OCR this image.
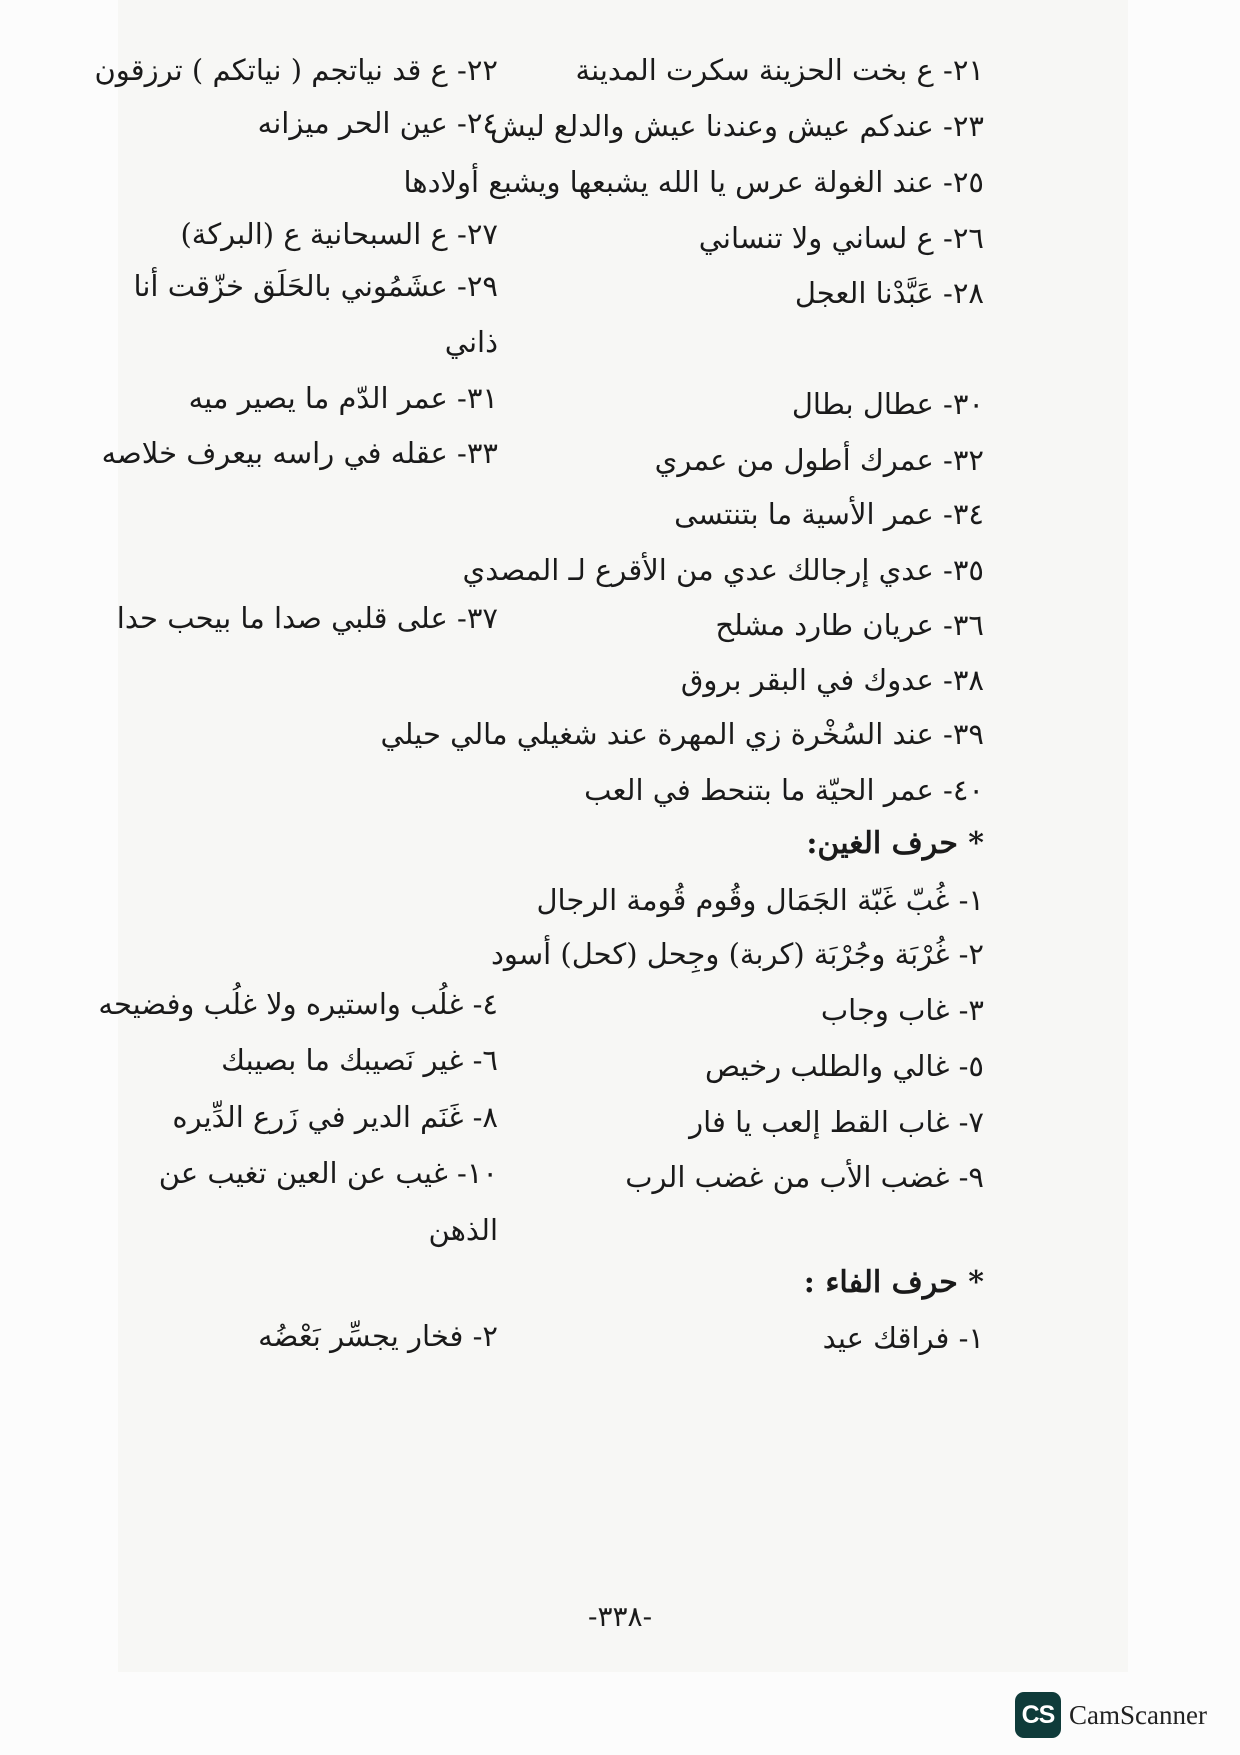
٢١- ع بخت الحزينة سكرت المدينة
٢٢- ع قد نياتجم ( نياتكم ) ترزقون
٢٣- عندكم عيش وعندنا عيش والدلع ليش
٢٤- عين الحر ميزانه
٢٥- عند الغولة عرس يا الله يشبعها ويشبع أولادها
٢٦- ع لساني ولا تنساني
٢٧- ع السبحانية ع (البركة)
٢٨- عَبَّدْنا العجل
٢٩- عشَمُوني بالحَلَق خزّقت أنا
ذاني
٣٠- عطال بطال
٣١- عمر الدّم ما يصير ميه
٣٢- عمرك أطول من عمري
٣٣- عقله في راسه بيعرف خلاصه
٣٤- عمر الأسية ما بتنتسى
٣٥- عدي إرجالك عدي من الأقرع لـ المصدي
٣٦- عريان طارد مشلح
٣٧- على قلبي صدا ما بيحب حدا
٣٨- عدوك في البقر بروق
٣٩- عند السُخْرة زي المهرة عند شغيلي مالي حيلي
٤٠- عمر الحيّة ما بتنحط في العب
* حرف الغين:
١- غُبّ غَبّة الجَمَال وقُوم قُومة الرجال
٢- غُرْبَة وجُرْبَة (كربة) وجِحل (كحل) أسود
٣- غاب وجاب
٤- غلُب واستيره ولا غلُب وفضيحه
٥- غالي والطلب رخيص
٦- غير نَصيبك ما بصيبك
٧- غاب القط إلعب يا فار
٨- غَنَم الدير في زَرع الدِّيره
٩- غضب الأب من غضب الرب
١٠- غيب عن العين تغيب عن
الذهن
* حرف الفاء :
١- فراقك عيد
٢- فخار يجسِّر بَعْضُه
-٣٣٨-
CS CamScanner
